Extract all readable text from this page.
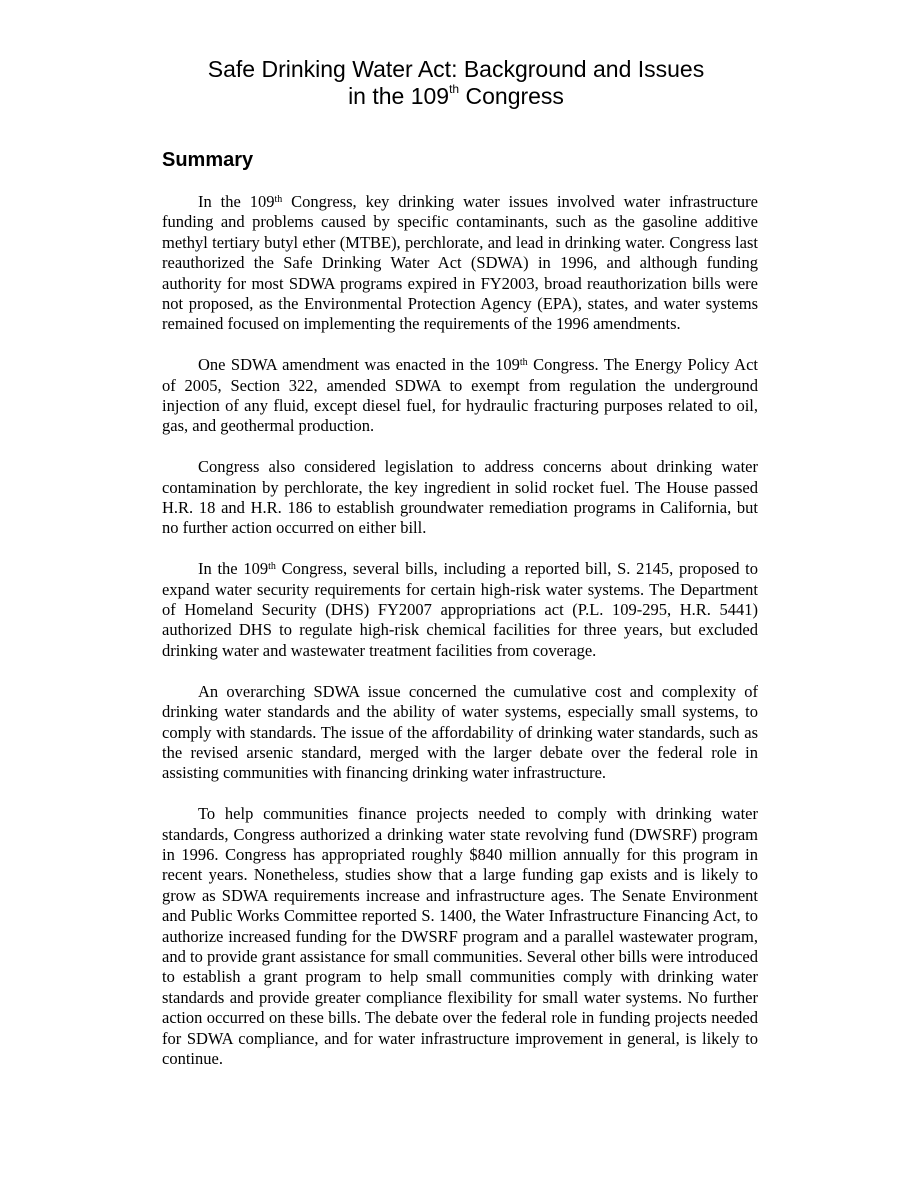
Safe Drinking Water Act: Background and Issues
in the 109th Congress
Summary

In the 109th Congress, key drinking water issues involved water infrastructure funding and problems caused by specific contaminants, such as the gasoline additive methyl tertiary butyl ether (MTBE), perchlorate, and lead in drinking water. Congress last reauthorized the Safe Drinking Water Act (SDWA) in 1996, and although funding authority for most SDWA programs expired in FY2003, broad reauthorization bills were not proposed, as the Environmental Protection Agency (EPA), states, and water systems remained focused on implementing the requirements of the 1996 amendments.

One SDWA amendment was enacted in the 109th Congress. The Energy Policy Act of 2005, Section 322, amended SDWA to exempt from regulation the underground injection of any fluid, except diesel fuel, for hydraulic fracturing purposes related to oil, gas, and geothermal production.

Congress also considered legislation to address concerns about drinking water contamination by perchlorate, the key ingredient in solid rocket fuel. The House passed H.R. 18 and H.R. 186 to establish groundwater remediation programs in California, but no further action occurred on either bill.

In the 109th Congress, several bills, including a reported bill, S. 2145, proposed to expand water security requirements for certain high-risk water systems. The Department of Homeland Security (DHS) FY2007 appropriations act (P.L. 109-295, H.R. 5441) authorized DHS to regulate high-risk chemical facilities for three years, but excluded drinking water and wastewater treatment facilities from coverage.

An overarching SDWA issue concerned the cumulative cost and complexity of drinking water standards and the ability of water systems, especially small systems, to comply with standards. The issue of the affordability of drinking water standards, such as the revised arsenic standard, merged with the larger debate over the federal role in assisting communities with financing drinking water infrastructure.

To help communities finance projects needed to comply with drinking water standards, Congress authorized a drinking water state revolving fund (DWSRF) program in 1996. Congress has appropriated roughly $840 million annually for this program in recent years. Nonetheless, studies show that a large funding gap exists and is likely to grow as SDWA requirements increase and infrastructure ages. The Senate Environment and Public Works Committee reported S. 1400, the Water Infrastructure Financing Act, to authorize increased funding for the DWSRF program and a parallel wastewater program, and to provide grant assistance for small communities. Several other bills were introduced to establish a grant program to help small communities comply with drinking water standards and provide greater compliance flexibility for small water systems. No further action occurred on these bills. The debate over the federal role in funding projects needed for SDWA compliance, and for water infrastructure improvement in general, is likely to continue.
